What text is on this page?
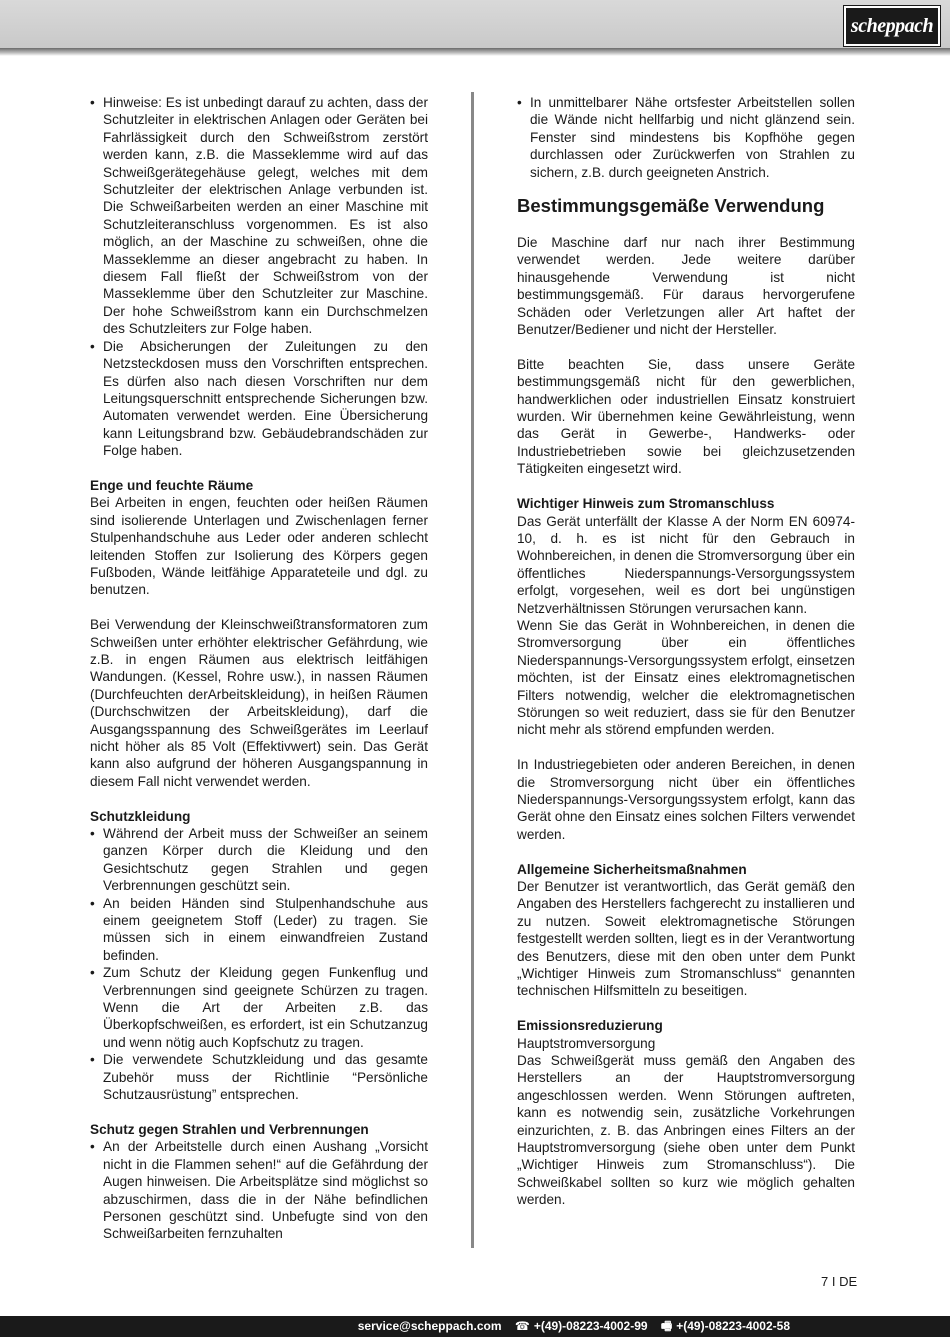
scheppach
• Hinweise: Es ist unbedingt darauf zu achten, dass der Schutzleiter in elektrischen Anlagen oder Geräten bei Fahrlässigkeit durch den Schweißstrom zerstört werden kann, z.B. die Masseklemme wird auf das Schweißgerätegehäuse gelegt, welches mit dem Schutzleiter der elektrischen Anlage verbunden ist. Die Schweißarbeiten werden an einer Maschine mit Schutzleiteranschluss vorgenommen. Es ist also möglich, an der Maschine zu schweißen, ohne die Masseklemme an dieser angebracht zu haben. In diesem Fall fließt der Schweißstrom von der Masseklemme über den Schutzleiter zur Maschine. Der hohe Schweißstrom kann ein Durchschmelzen des Schutzleiters zur Folge haben.
• Die Absicherungen der Zuleitungen zu den Netzsteckdosen muss den Vorschriften entsprechen. Es dürfen also nach diesen Vorschriften nur dem Leitungsquerschnitt entsprechende Sicherungen bzw. Automaten verwendet werden. Eine Übersicherung kann Leitungsbrand bzw. Gebäudebrandschäden zur Folge haben.

Enge und feuchte Räume

Bei Arbeiten in engen, feuchten oder heißen Räumen sind isolierende Unterlagen und Zwischenlagen ferner Stulpenhandschuhe aus Leder oder anderen schlecht leitenden Stoffen zur Isolierung des Körpers gegen Fußboden, Wände leitfähige Apparateteile und dgl. zu benutzen.

Bei Verwendung der Kleinschweißtransformatoren zum Schweißen unter erhöhter elektrischer Gefährdung, wie z.B. in engen Räumen aus elektrisch leitfähigen Wandungen. (Kessel, Rohre usw.), in nassen Räumen (Durchfeuchten derArbeitskleidung), in heißen Räumen (Durchschwitzen der Arbeitskleidung), darf die Ausgangsspannung des Schweißgerätes im Leerlauf nicht höher als 85 Volt (Effektivwert) sein. Das Gerät kann also aufgrund der höheren Ausgangspannung in diesem Fall nicht verwendet werden.

Schutzkleidung

• Während der Arbeit muss der Schweißer an seinem ganzen Körper durch die Kleidung und den Gesichtschutz gegen Strahlen und gegen Verbrennungen geschützt sein.
• An beiden Händen sind Stulpenhandschuhe aus einem geeignetem Stoff (Leder) zu tragen. Sie müssen sich in einem einwandfreien Zustand befinden.
• Zum Schutz der Kleidung gegen Funkenflug und Verbrennungen sind geeignete Schürzen zu tragen. Wenn die Art der Arbeiten z.B. das Überkopfschweißen, es erfordert, ist ein Schutzanzug und wenn nötig auch Kopfschutz zu tragen.
• Die verwendete Schutzkleidung und das gesamte Zubehör muss der Richtlinie “Persönliche Schutzausrüstung” entsprechen.

Schutz gegen Strahlen und Verbrennungen

• An der Arbeitstelle durch einen Aushang „Vorsicht nicht in die Flammen sehen!“ auf die Gefährdung der Augen hinweisen. Die Arbeitsplätze sind möglichst so abzuschirmen, dass die in der Nähe befindlichen Personen geschützt sind. Unbefugte sind von den Schweißarbeiten fernzuhalten
• In unmittelbarer Nähe ortsfester Arbeitstellen sollen die Wände nicht hellfarbig und nicht glänzend sein. Fenster sind mindestens bis Kopfhöhe gegen durchlassen oder Zurückwerfen von Strahlen zu sichern, z.B. durch geeigneten Anstrich.
Bestimmungsgemäße Verwendung

Die Maschine darf nur nach ihrer Bestimmung verwendet werden. Jede weitere darüber hinausgehende Verwendung ist nicht bestimmungsgemäß. Für daraus hervorgerufene Schäden oder Verletzungen aller Art haftet der Benutzer/Bediener und nicht der Hersteller.

Bitte beachten Sie, dass unsere Geräte bestimmungsgemäß nicht für den gewerblichen, handwerklichen oder industriellen Einsatz konstruiert wurden. Wir übernehmen keine Gewährleistung, wenn das Gerät in Gewerbe-, Handwerks- oder Industriebetrieben sowie bei gleichzusetzenden Tätigkeiten eingesetzt wird.

Wichtiger Hinweis zum Stromanschluss

Das Gerät unterfällt der Klasse A der Norm EN 60974-10, d. h. es ist nicht für den Gebrauch in Wohnbereichen, in denen die Stromversorgung über ein öffentliches Niederspannungs-Versorgungssystem erfolgt, vorgesehen, weil es dort bei ungünstigen Netzverhältnissen Störungen verursachen kann.

Wenn Sie das Gerät in Wohnbereichen, in denen die Stromversorgung über ein öffentliches Niederspannungs-Versorgungssystem erfolgt, einsetzen möchten, ist der Einsatz eines elektromagnetischen Filters notwendig, welcher die elektromagnetischen Störungen so weit reduziert, dass sie für den Benutzer nicht mehr als störend empfunden werden.

In Industriegebieten oder anderen Bereichen, in denen die Stromversorgung nicht über ein öffentliches Niederspannungs-Versorgungssystem erfolgt, kann das Gerät ohne den Einsatz eines solchen Filters verwendet werden.

Allgemeine Sicherheitsmaßnahmen

Der Benutzer ist verantwortlich, das Gerät gemäß den Angaben des Herstellers fachgerecht zu installieren und zu nutzen. Soweit elektromagnetische Störungen festgestellt werden sollten, liegt es in der Verantwortung des Benutzers, diese mit den oben unter dem Punkt „Wichtiger Hinweis zum Stromanschluss“ genannten technischen Hilfsmitteln zu beseitigen.

Emissionsreduzierung

Hauptstromversorgung

Das Schweißgerät muss gemäß den Angaben des Herstellers an der Hauptstromversorgung angeschlossen werden. Wenn Störungen auftreten, kann es notwendig sein, zusätzliche Vorkehrungen einzurichten, z. B. das Anbringen eines Filters an der Hauptstromversorgung (siehe oben unter dem Punkt „Wichtiger Hinweis zum Stromanschluss“). Die Schweißkabel sollten so kurz wie möglich gehalten werden.

7 I DE
service@scheppach.com ☎ +(49)-08223-4002-99 🖷 +(49)-08223-4002-58
